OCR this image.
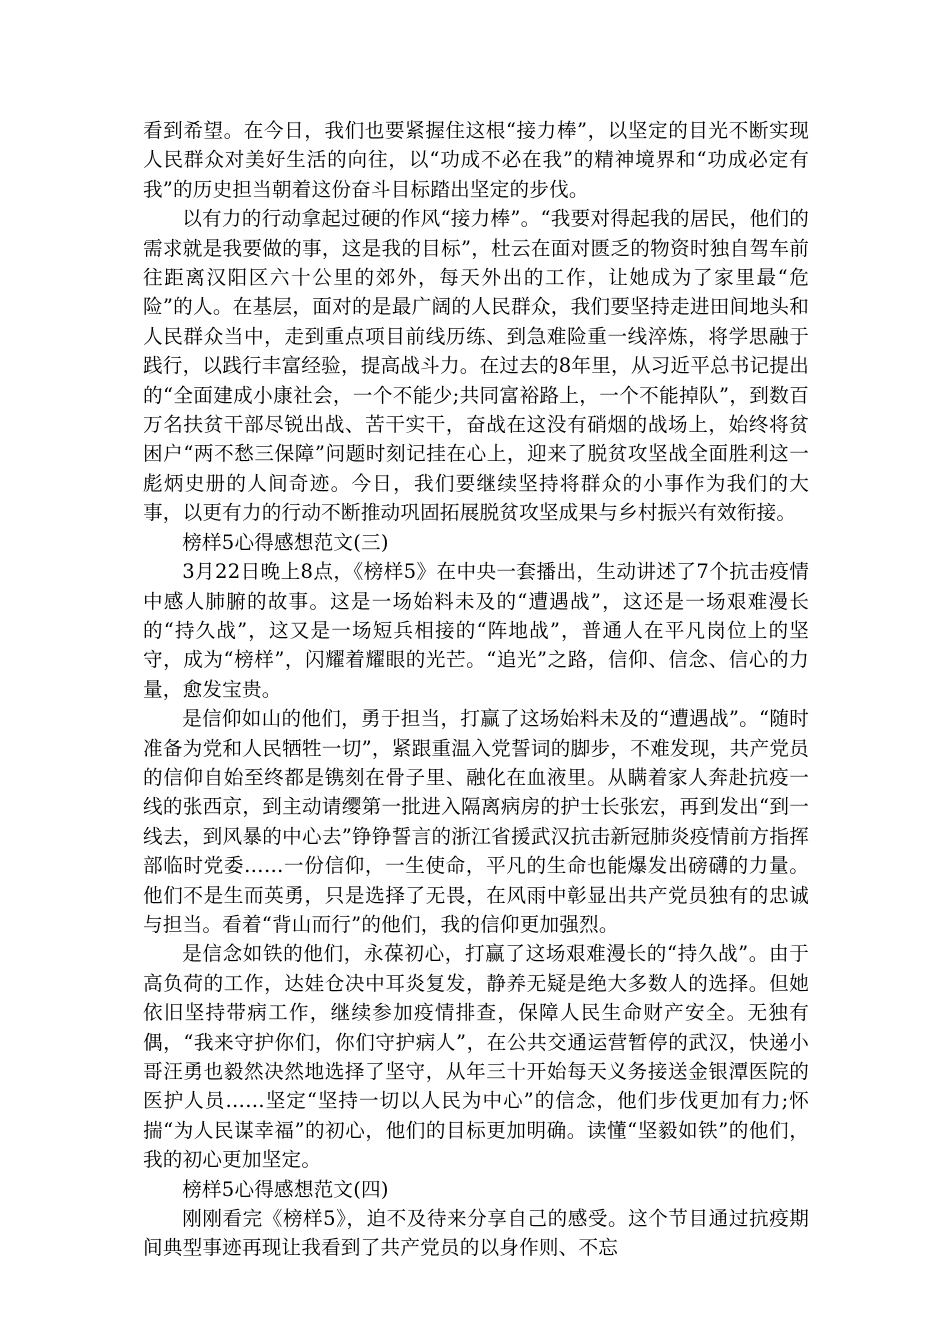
看到希望。在今日，我们也要紧握住这根“接力棒”，以坚定的目光不断实现人民群众对美好生活的向往，以“功成不必在我”的精神境界和“功成必定有我”的历史担当朝着这份奋斗目标踏出坚定的步伐。

以有力的行动拿起过硬的作风“接力棒”。“我要对得起我的居民，他们的需求就是我要做的事，这是我的目标”，杜云在面对匮乏的物资时独自驾车前往距离汉阳区六十公里的郊外，每天外出的工作，让她成为了家里最“危险”的人。在基层，面对的是最广阔的人民群众，我们要坚持走进田间地头和人民群众当中，走到重点项目前线历练、到急难险重一线淬炼，将学思融于践行，以践行丰富经验，提高战斗力。在过去的8年里，从习近平总书记提出的“全面建成小康社会，一个不能少;共同富裕路上，一个不能掉队”，到数百万名扶贫干部尽锐出战、苦干实干，奋战在这没有硝烟的战场上，始终将贫困户“两不愁三保障”问题时刻记挂在心上，迎来了脱贫攻坚战全面胜利这一彪炳史册的人间奇迹。今日，我们要继续坚持将群众的小事作为我们的大事，以更有力的行动不断推动巩固拓展脱贫攻坚成果与乡村振兴有效衔接。

榜样5心得感想范文(三)

3月22日晚上8点，《榜样5》在中央一套播出，生动讲述了7个抗击疫情中感人肺腑的故事。这是一场始料未及的“遭遇战”，这还是一场艰难漫长的“持久战”，这又是一场短兵相接的“阵地战”，普通人在平凡岗位上的坚守，成为“榜样”，闪耀着耀眼的光芒。“追光”之路，信仰、信念、信心的力量，愈发宝贵。

是信仰如山的他们，勇于担当，打赢了这场始料未及的“遭遇战”。“随时准备为党和人民牺牲一切”，紧跟重温入党誓词的脚步，不难发现，共产党员的信仰自始至终都是镌刻在骨子里、融化在血液里。从瞒着家人奔赴抗疫一线的张西京，到主动请缨第一批进入隔离病房的护士长张宏，再到发出“到一线去，到风暴的中心去”铮铮誓言的浙江省援武汉抗击新冠肺炎疫情前方指挥部临时党委……一份信仰，一生使命，平凡的生命也能爆发出磅礴的力量。他们不是生而英勇，只是选择了无畏，在风雨中彰显出共产党员独有的忠诚与担当。看着“背山而行”的他们，我的信仰更加强烈。

是信念如铁的他们，永葆初心，打赢了这场艰难漫长的“持久战”。由于高负荷的工作，达娃仓决中耳炎复发，静养无疑是绝大多数人的选择。但她依旧坚持带病工作，继续参加疫情排查，保障人民生命财产安全。无独有偶，“我来守护你们，你们守护病人”，在公共交通运营暂停的武汉，快递小哥汪勇也毅然决然地选择了坚守，从年三十开始每天义务接送金银潭医院的医护人员……坚定“坚持一切以人民为中心”的信念，他们步伐更加有力;怀揣“为人民谋幸福”的初心，他们的目标更加明确。读懂“坚毅如铁”的他们，我的初心更加坚定。

榜样5心得感想范文(四)

刚刚看完《榜样5》，迫不及待来分享自己的感受。这个节目通过抗疫期间典型事迹再现让我看到了共产党员的以身作则、不忘
